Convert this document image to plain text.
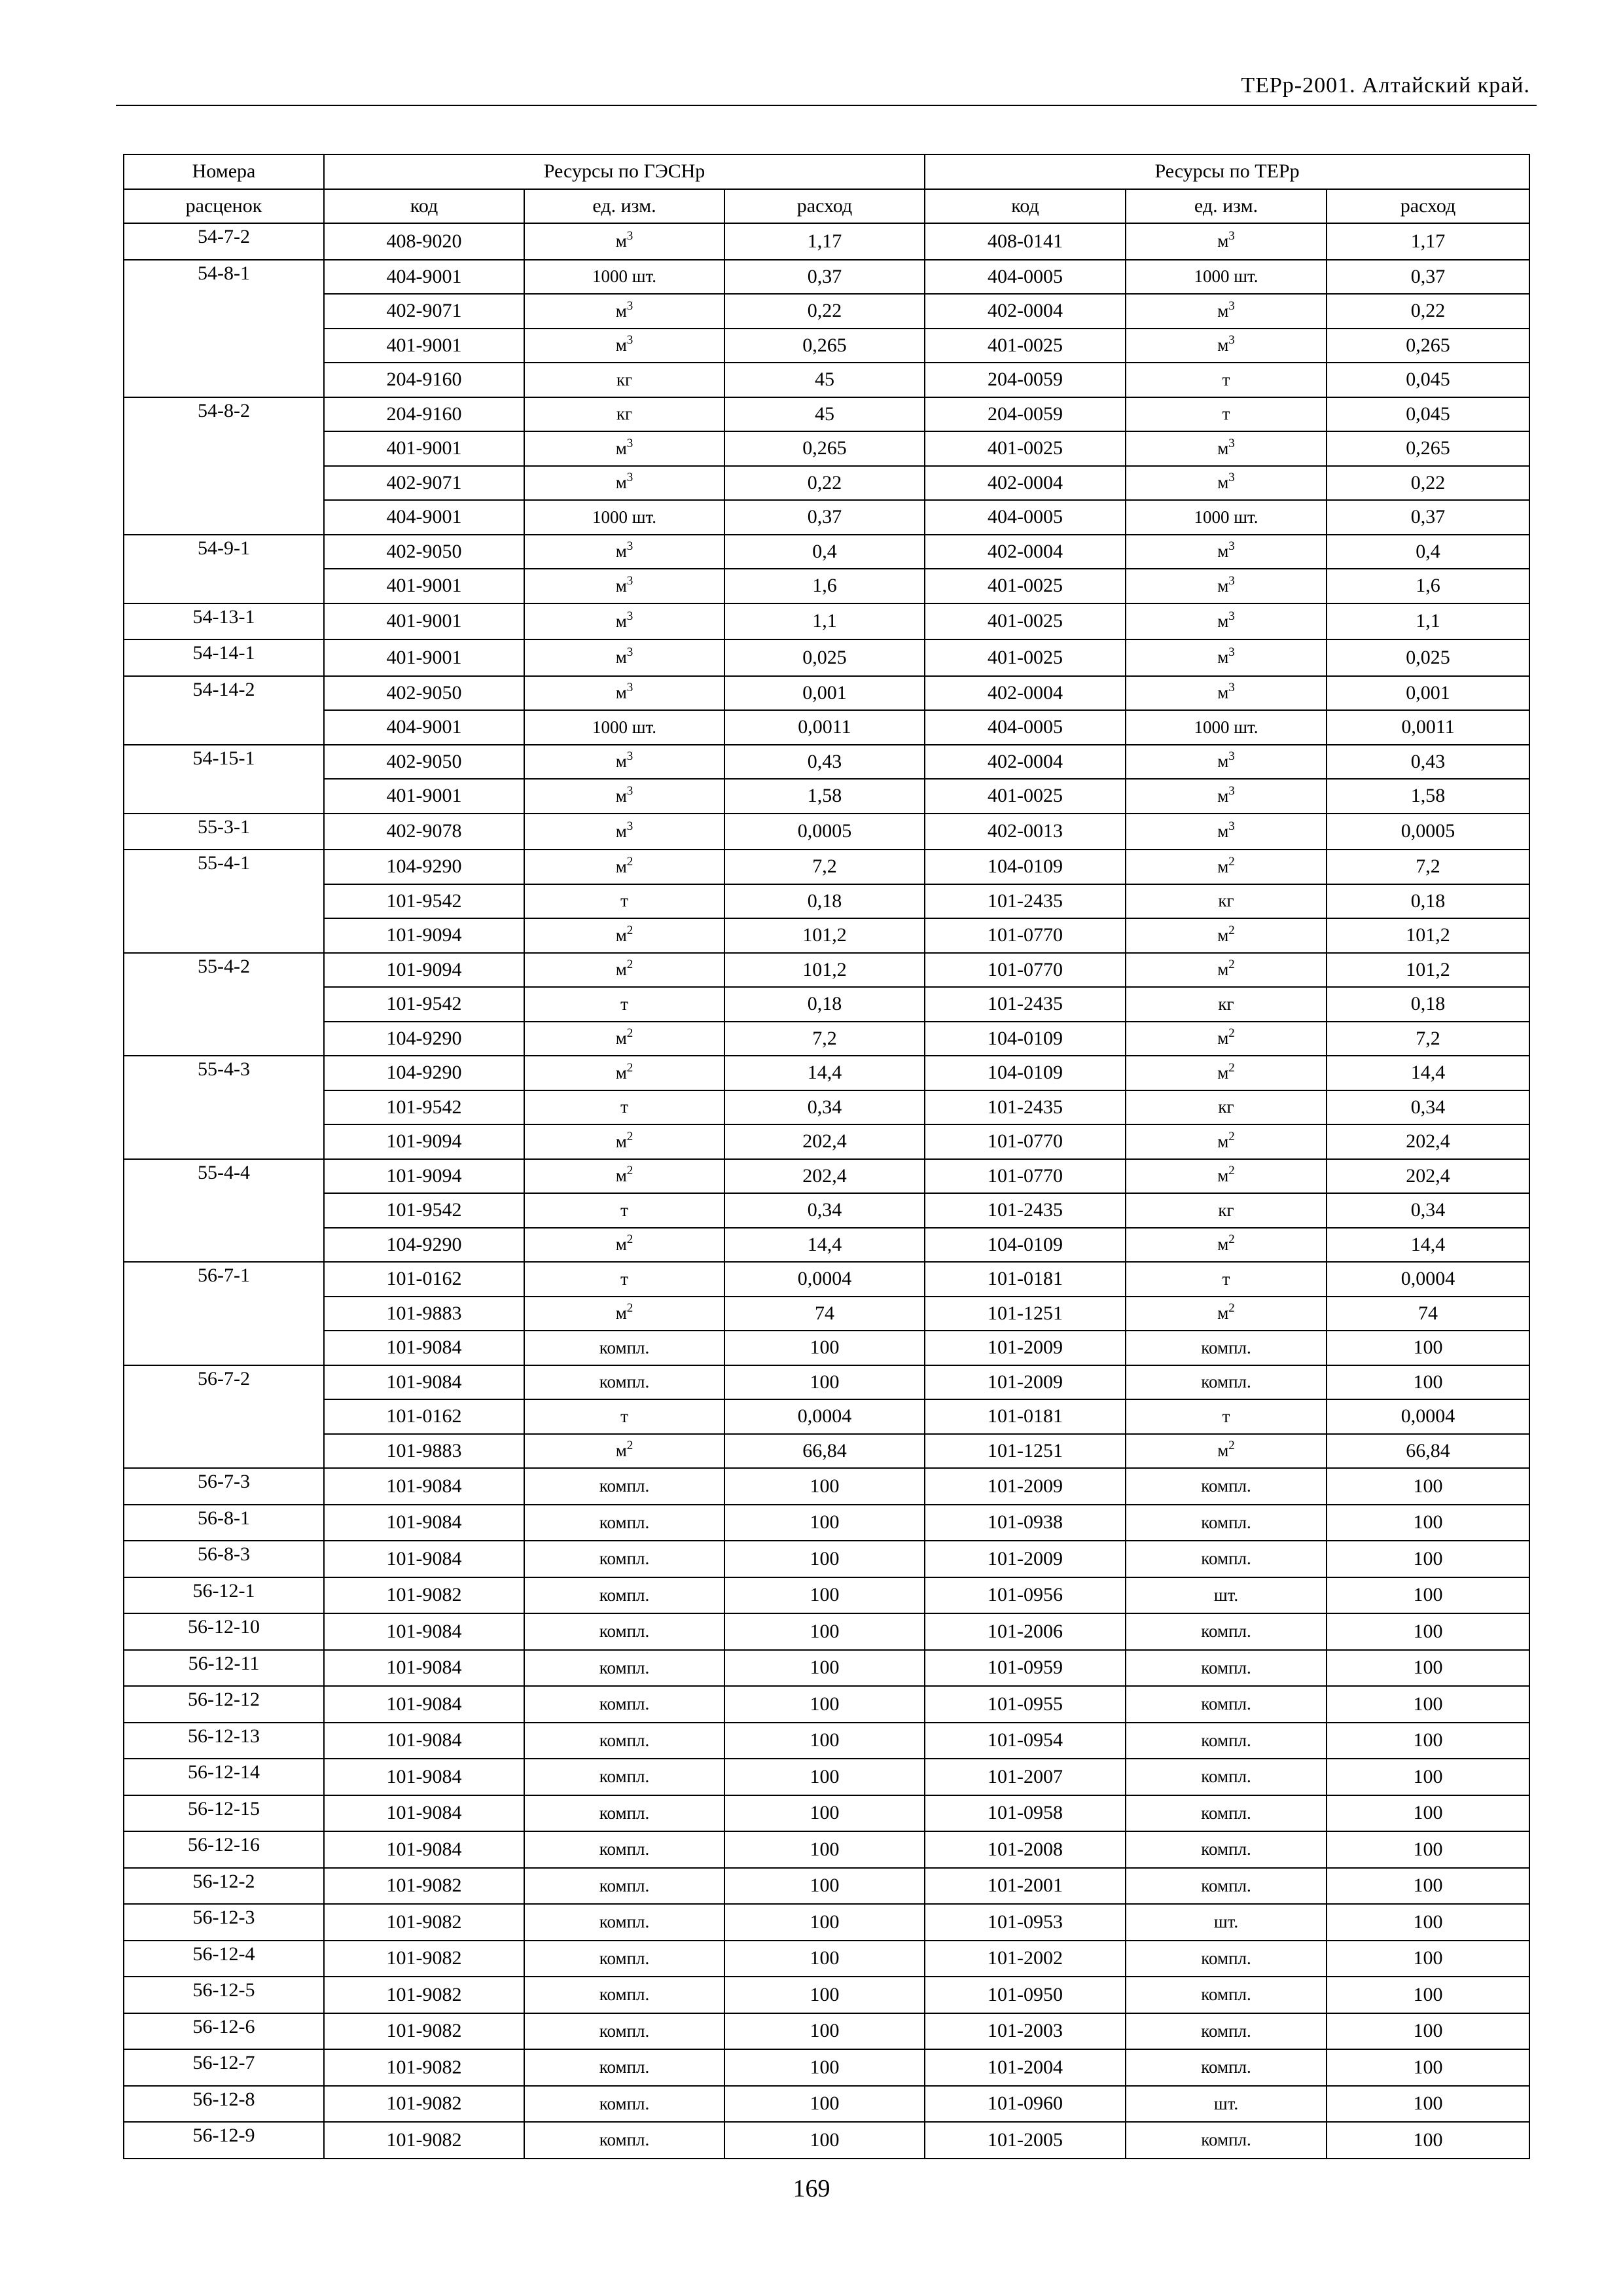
ТЕРр-2001. Алтайский край.
Номера	Ресурсы по ГЭСНр			Ресурсы по ТЕРр		
расценок	код	ед. изм.	расход	код	ед. изм.	расход
54-7-2	408-9020	$м^3$	1,17	408-0141	$м^3$	1,17
54-8-1	404-9001	1000 шт.	0,37	404-0005	1000 шт.	0,37
	402-9071	$м^3$	0,22	402-0004	$м^3$	0,22
	401-9001	$м^3$	0,265	401-0025	$м^3$	0,265
	204-9160	кг	45	204-0059	т	0,045
54-8-2	204-9160	кг	45	204-0059	т	0,045
	401-9001	$м^3$	0,265	401-0025	$м^3$	0,265
	402-9071	$м^3$	0,22	402-0004	$м^3$	0,22
	404-9001	1000 шт.	0,37	404-0005	1000 шт.	0,37
54-9-1	402-9050	$м^3$	0,4	402-0004	$м^3$	0,4
	401-9001	$м^3$	1,6	401-0025	$м^3$	1,6
54-13-1	401-9001	$м^3$	1,1	401-0025	$м^3$	1,1
54-14-1	401-9001	$м^3$	0,025	401-0025	$м^3$	0,025
54-14-2	402-9050	$м^3$	0,001	402-0004	$м^3$	0,001
	404-9001	1000 шт.	0,0011	404-0005	1000 шт.	0,0011
54-15-1	402-9050	$м^3$	0,43	402-0004	$м^3$	0,43
	401-9001	$м^3$	1,58	401-0025	$м^3$	1,58
55-3-1	402-9078	$м^3$	0,0005	402-0013	$м^3$	0,0005
55-4-1	104-9290	$м^2$	7,2	104-0109	$м^2$	7,2
	101-9542	т	0,18	101-2435	кг	0,18
	101-9094	$м^2$	101,2	101-0770	$м^2$	101,2
55-4-2	101-9094	$м^2$	101,2	101-0770	$м^2$	101,2
	101-9542	т	0,18	101-2435	кг	0,18
	104-9290	$м^2$	7,2	104-0109	$м^2$	7,2
55-4-3	104-9290	$м^2$	14,4	104-0109	$м^2$	14,4
	101-9542	т	0,34	101-2435	кг	0,34
	101-9094	$м^2$	202,4	101-0770	$м^2$	202,4
55-4-4	101-9094	$м^2$	202,4	101-0770	$м^2$	202,4
	101-9542	т	0,34	101-2435	кг	0,34
	104-9290	$м^2$	14,4	104-0109	$м^2$	14,4
56-7-1	101-0162	т	0,0004	101-0181	т	0,0004
	101-9883	$м^2$	74	101-1251	$м^2$	74
	101-9084	компл.	100	101-2009	компл.	100
56-7-2	101-9084	компл.	100	101-2009	компл.	100
	101-0162	т	0,0004	101-0181	т	0,0004
	101-9883	$м^2$	66,84	101-1251	$м^2$	66,84
56-7-3	101-9084	компл.	100	101-2009	компл.	100
56-8-1	101-9084	компл.	100	101-0938	компл.	100
56-8-3	101-9084	компл.	100	101-2009	компл.	100
56-12-1	101-9082	компл.	100	101-0956	шт.	100
56-12-10	101-9084	компл.	100	101-2006	компл.	100
56-12-11	101-9084	компл.	100	101-0959	компл.	100
56-12-12	101-9084	компл.	100	101-0955	компл.	100
56-12-13	101-9084	компл.	100	101-0954	компл.	100
56-12-14	101-9084	компл.	100	101-2007	компл.	100
56-12-15	101-9084	компл.	100	101-0958	компл.	100
56-12-16	101-9084	компл.	100	101-2008	компл.	100
56-12-2	101-9082	компл.	100	101-2001	компл.	100
56-12-3	101-9082	компл.	100	101-0953	шт.	100
56-12-4	101-9082	компл.	100	101-2002	компл.	100
56-12-5	101-9082	компл.	100	101-0950	компл.	100
56-12-6	101-9082	компл.	100	101-2003	компл.	100
56-12-7	101-9082	компл.	100	101-2004	компл.	100
56-12-8	101-9082	компл.	100	101-0960	шт.	100
56-12-9	101-9082	компл.	100	101-2005	компл.	100
169
